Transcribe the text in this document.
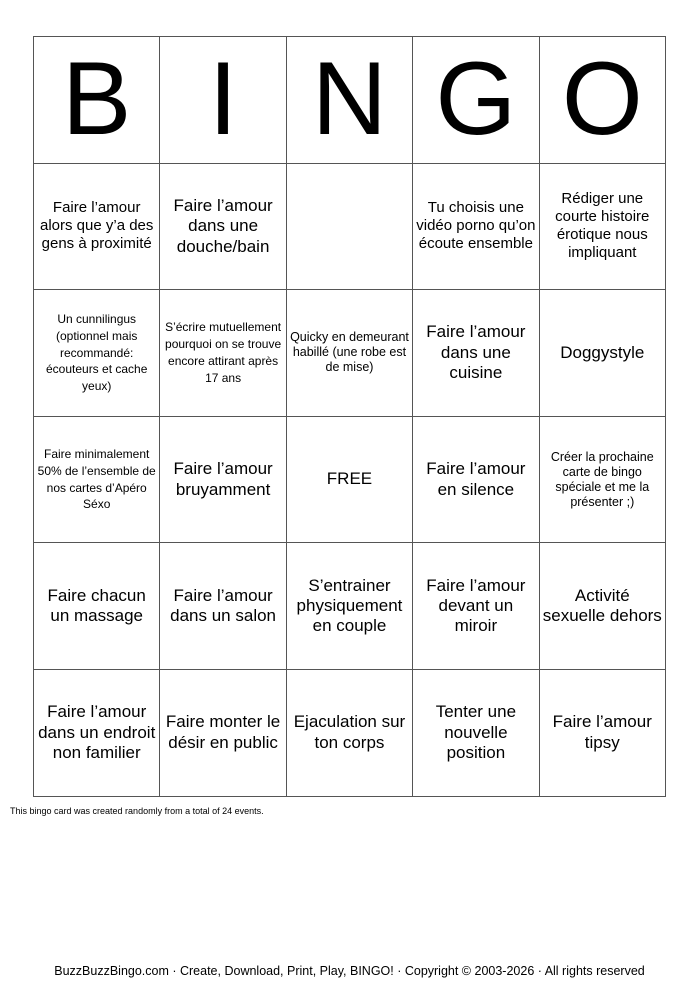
B	I	N	G	O
Faire l’amour alors que y’a des gens à proximité	Faire l’amour dans une douche/bain		Tu choisis une vidéo porno qu’on écoute ensemble	Rédiger une courte histoire érotique nous impliquant
Un cunnilingus (optionnel mais recommandé: écouteurs et cache yeux)	S’écrire mutuellement pourquoi on se trouve encore attirant après 17 ans	Quicky en demeurant habillé (une robe est de mise)	Faire l’amour dans une cuisine	Doggystyle
Faire minimalement 50% de l’ensemble de nos cartes d’Apéro Séxo	Faire l’amour bruyamment	FREE	Faire l’amour en silence	Créer la prochaine carte de bingo spéciale et me la présenter ;)
Faire chacun un massage	Faire l’amour dans un salon	S’entrainer physiquement en couple	Faire l’amour devant un miroir	Activité sexuelle dehors
Faire l’amour dans un endroit non familier	Faire monter le désir en public	Ejaculation sur ton corps	Tenter une nouvelle position	Faire l’amour tipsy
This bingo card was created randomly from a total of 24 events.
BuzzBuzzBingo.com · Create, Download, Print, Play, BINGO! · Copyright © 2003-2026 · All rights reserved
